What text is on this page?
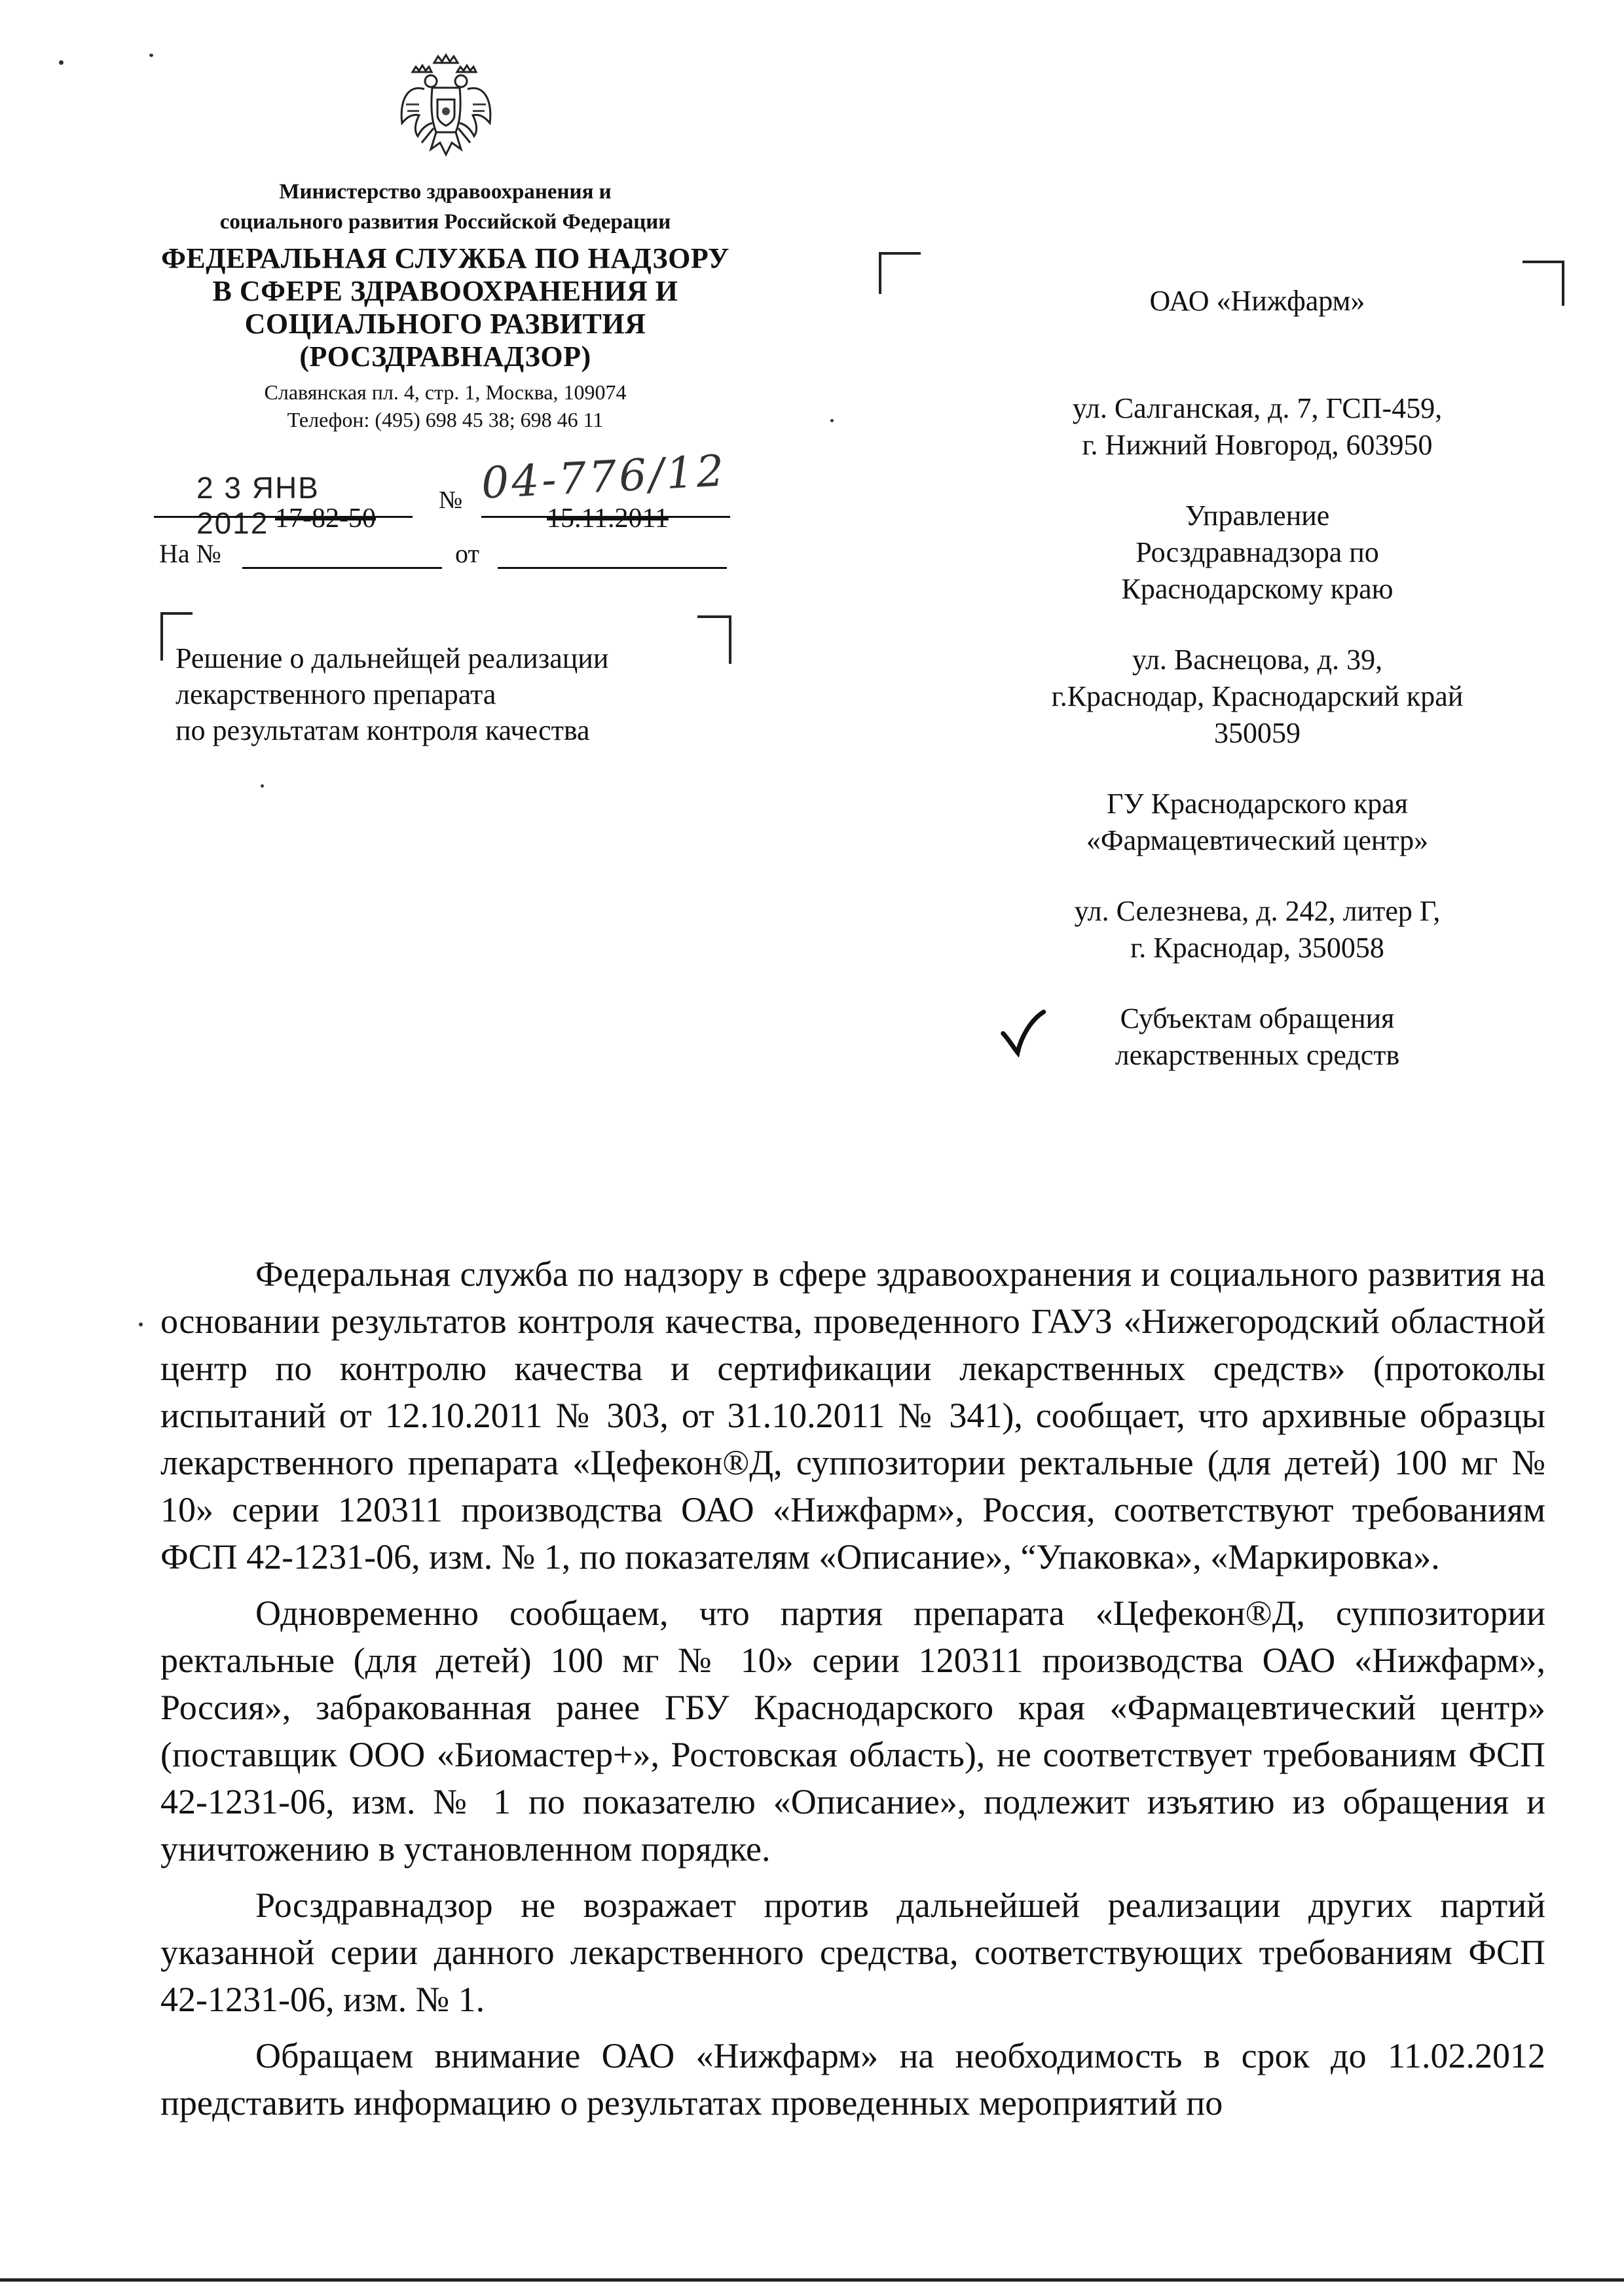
Министерство здравоохранения и
социального развития Российской Федерации
ФЕДЕРАЛЬНАЯ СЛУЖБА ПО НАДЗОРУ
В СФЕРЕ ЗДРАВООХРАНЕНИЯ И
СОЦИАЛЬНОГО РАЗВИТИЯ
(РОСЗДРАВНАДЗОР)
Славянская пл. 4, стр. 1, Москва, 109074
Телефон: (495) 698 45 38; 698 46 11
2 3 ЯНВ 2012
№ 04-776/12
17-82-50	15.11.2011
На №	от
Решение о дальнейщей реализации
лекарственного препарата
по результатам контроля качества

ОАО «Нижфарм»

ул. Салганская, д. 7, ГСП-459,

г. Нижний Новгород, 603950

Управление

Росздравнадзора по

Краснодарскому краю

ул. Васнецова, д. 39,

г.Краснодар, Краснодарский край

350059

ГУ Краснодарского края

«Фармацевтический центр»

ул. Селезнева, д. 242, литер Г,

г. Краснодар, 350058

Субъектам обращения

лекарственных средств

Федеральная служба по надзору в сфере здравоохранения и социального развития на основании результатов контроля качества, проведенного ГАУЗ «Нижегородский областной центр по контролю качества и сертификации лекарственных средств» (протоколы испытаний от 12.10.2011 № 303, от 31.10.2011 № 341), сообщает, что архивные образцы лекарственного препарата «Цефекон®Д, суппозитории ректальные (для детей) 100 мг № 10» серии 120311 производства ОАО «Нижфарм», Россия, соответствуют требованиям ФСП 42-1231-06, изм. № 1, по показателям «Описание», “Упаковка», «Маркировка».

Одновременно сообщаем, что партия препарата «Цефекон®Д, суппозитории ректальные (для детей) 100 мг № 10» серии 120311 производства ОАО «Нижфарм», Россия», забракованная ранее ГБУ Краснодарского края «Фармацевтический центр» (поставщик ООО «Биомастер+», Ростовская область), не соответствует требованиям ФСП 42-1231-06, изм. № 1 по показателю «Описание», подлежит изъятию из обращения и уничтожению в установленном порядке.

Росздравнадзор не возражает против дальнейшей реализации других партий указанной серии данного лекарственного средства, соответствующих требованиям ФСП 42-1231-06, изм. № 1.

Обращаем внимание ОАО «Нижфарм» на необходимость в срок до 11.02.2012 представить информацию о результатах проведенных мероприятий по
